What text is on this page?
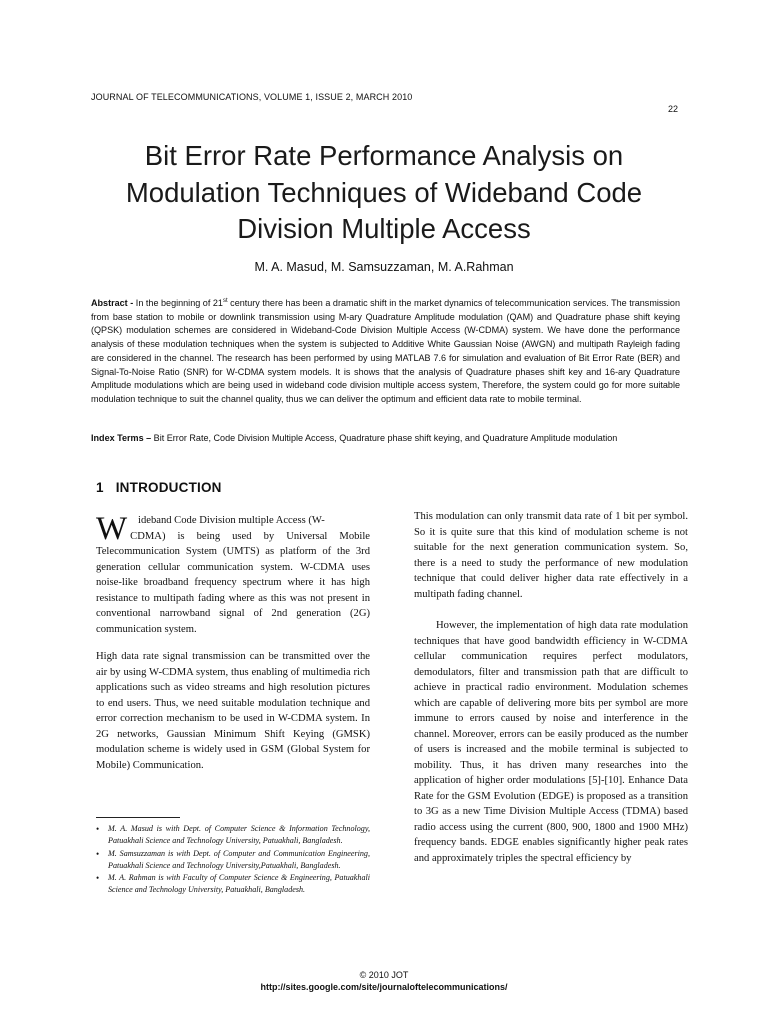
JOURNAL OF TELECOMMUNICATIONS, VOLUME 1, ISSUE 2, MARCH 2010
22
Bit Error Rate Performance Analysis on Modulation Techniques of Wideband Code Division Multiple Access
M. A. Masud, M. Samsuzzaman, M. A.Rahman

Abstract - In the beginning of 21st century there has been a dramatic shift in the market dynamics of telecommunication services. The transmission from base station to mobile or downlink transmission using M-ary Quadrature Amplitude modulation (QAM) and Quadrature phase shift keying (QPSK) modulation schemes are considered in Wideband-Code Division Multiple Access (W-CDMA) system. We have done the performance analysis of these modulation techniques when the system is subjected to Additive White Gaussian Noise (AWGN) and multipath Rayleigh fading are considered in the channel. The research has been performed by using MATLAB 7.6 for simulation and evaluation of Bit Error Rate (BER) and Signal-To-Noise Ratio (SNR) for W-CDMA system models. It is shows that the analysis of Quadrature phases shift key and 16-ary Quadrature Amplitude modulations which are being used in wideband code division multiple access system, Therefore, the system could go for more suitable modulation technique to suit the channel quality, thus we can deliver the optimum and efficient data rate to mobile terminal.

Index Terms – Bit Error Rate, Code Division Multiple Access, Quadrature phase shift keying, and Quadrature Amplitude modulation

1 INTRODUCTION

W	ideband Code Division multiple Access (W-
CDMA) is being used by Universal Mobile Telecommunication System (UMTS) as platform of the 3rd generation cellular communication system. W-CDMA uses noise-like broadband frequency spectrum where it has high resistance to multipath fading where as this was not present in conventional narrowband signal of 2nd generation (2G) communication system.

High data rate signal transmission can be transmitted over the air by using W-CDMA system, thus enabling of multimedia rich applications such as video streams and high resolution pictures to end users. Thus, we need suitable modulation technique and error correction mechanism to be used in W-CDMA system. In 2G networks, Gaussian Minimum Shift Keying (GMSK) modulation scheme is widely used in GSM (Global System for Mobile) Communication.

• M. A. Masud is with Dept. of Computer Science & Information Technology, Patuakhali Science and Technology University, Patuakhali, Bangladesh.
• M. Samsuzzaman is with Dept. of Computer and Communication Engineering, Patuakhali Science and Technology University,Patuakhali, Bangladesh.
• M. A. Rahman is with Faculty of Computer Science & Engineering, Patuakhali Science and Technology University, Patuakhali, Bangladesh.

This modulation can only transmit data rate of 1 bit per symbol. So it is quite sure that this kind of modulation scheme is not suitable for the next generation communication system. So, there is a need to study the performance of new modulation technique that could deliver higher data rate effectively in a multipath fading channel.

However, the implementation of high data rate modulation techniques that have good bandwidth efficiency in W-CDMA cellular communication requires perfect modulators, demodulators, filter and transmission path that are difficult to achieve in practical radio environment. Modulation schemes which are capable of delivering more bits per symbol are more immune to errors caused by noise and interference in the channel. Moreover, errors can be easily produced as the number of users is increased and the mobile terminal is subjected to mobility. Thus, it has driven many researches into the application of higher order modulations [5]-[10]. Enhance Data Rate for the GSM Evolution (EDGE) is proposed as a transition to 3G as a new Time Division Multiple Access (TDMA) based radio access using the current (800, 900, 1800 and 1900 MHz) frequency bands. EDGE enables significantly higher peak rates and approximately triples the spectral efficiency by

© 2010 JOT
http://sites.google.com/site/journaloftelecommunications/
